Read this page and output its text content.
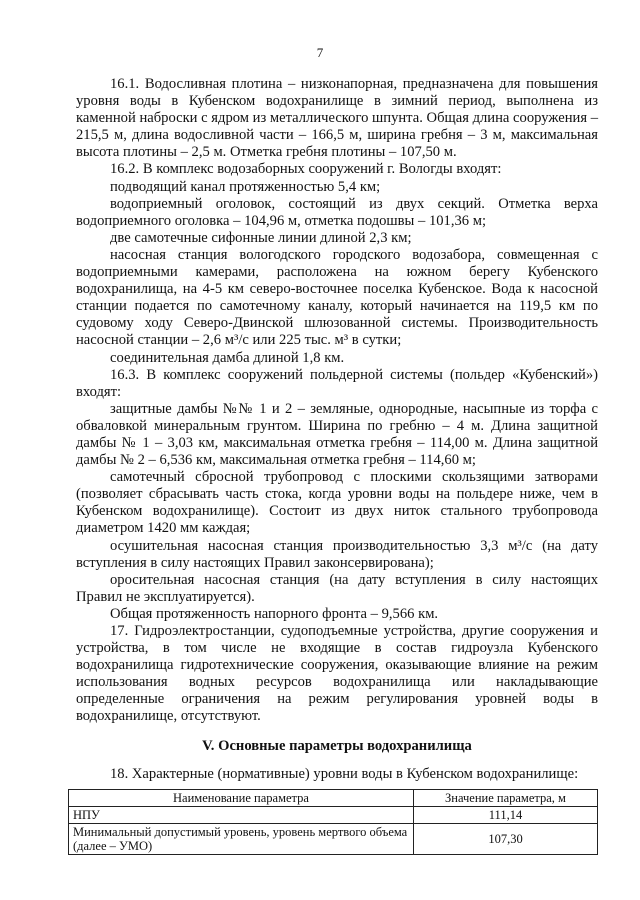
7

16.1. Водосливная плотина – низконапорная, предназначена для повышения уровня воды в Кубенском водохранилище в зимний период, выполнена из каменной наброски с ядром из металлического шпунта. Общая длина сооружения – 215,5 м, длина водосливной части – 166,5 м, ширина гребня – 3 м, максимальная высота плотины – 2,5 м. Отметка гребня плотины – 107,50 м.

16.2. В комплекс водозаборных сооружений г. Вологды входят:

подводящий канал протяженностью 5,4 км;

водоприемный оголовок, состоящий из двух секций. Отметка верха водоприемного оголовка – 104,96 м, отметка подошвы – 101,36 м;

две самотечные сифонные линии длиной 2,3 км;

насосная станция вологодского городского водозабора, совмещенная с водоприемными камерами, расположена на южном берегу Кубенского водохранилища, на 4-5 км северо-восточнее поселка Кубенское. Вода к насосной станции подается по самотечному каналу, который начинается на 119,5 км по судовому ходу Северо-Двинской шлюзованной системы. Производительность насосной станции – 2,6 м³/с или 225 тыс. м³ в сутки;

соединительная дамба длиной 1,8 км.

16.3. В комплекс сооружений польдерной системы (польдер «Кубенский») входят:

защитные дамбы №№ 1 и 2 – земляные, однородные, насыпные из торфа с обваловкой минеральным грунтом. Ширина по гребню – 4 м. Длина защитной дамбы № 1 – 3,03 км, максимальная отметка гребня – 114,00 м. Длина защитной дамбы № 2 – 6,536 км, максимальная отметка гребня – 114,60 м;

самотечный сбросной трубопровод с плоскими скользящими затворами (позволяет сбрасывать часть стока, когда уровни воды на польдере ниже, чем в Кубенском водохранилище). Состоит из двух ниток стального трубопровода диаметром 1420 мм каждая;

осушительная насосная станция производительностью 3,3 м³/с (на дату вступления в силу настоящих Правил законсервирована);

оросительная насосная станция (на дату вступления в силу настоящих Правил не эксплуатируется).

Общая протяженность напорного фронта – 9,566 км.

17. Гидроэлектростанции, судоподъемные устройства, другие сооружения и устройства, в том числе не входящие в состав гидроузла Кубенского водохранилища гидротехнические сооружения, оказывающие влияние на режим использования водных ресурсов водохранилища или накладывающие определенные ограничения на режим регулирования уровней воды в водохранилище, отсутствуют.

V. Основные параметры водохранилища

18. Характерные (нормативные) уровни воды в Кубенском водохранилище:

Наименование параметра	Значение параметра, м
НПУ	111,14
Минимальный допустимый уровень, уровень мертвого объема (далее – УМО)	107,30
